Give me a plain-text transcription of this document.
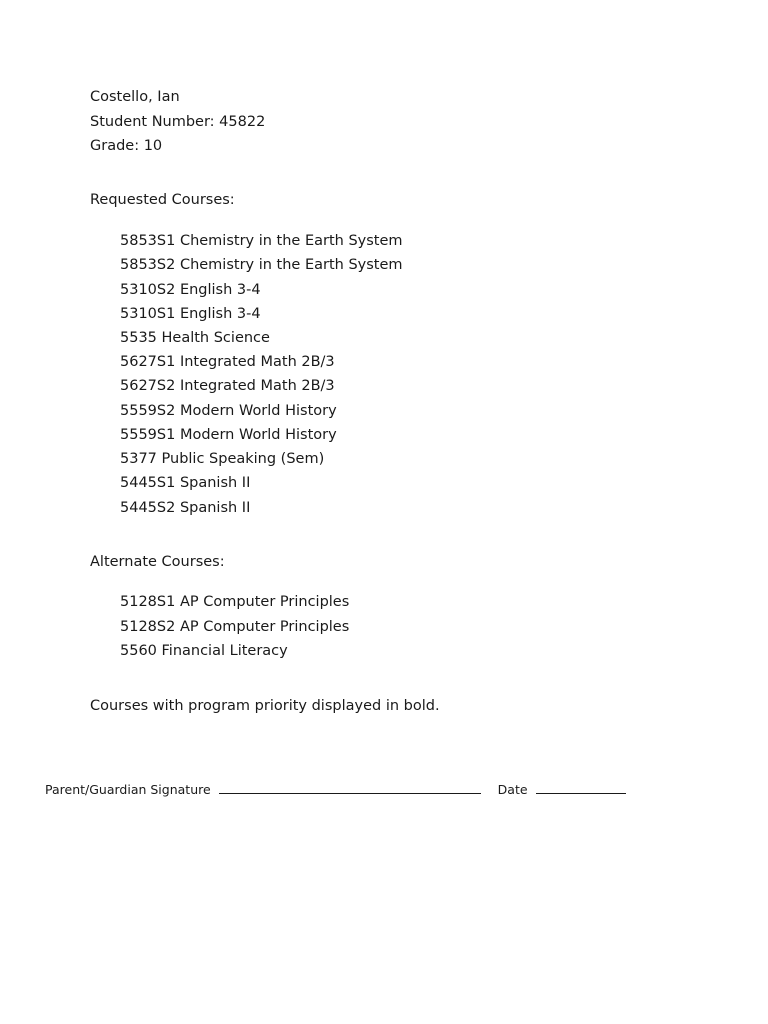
Costello, Ian
Student Number: 45822
Grade: 10
Requested Courses:
5853S1 Chemistry in the Earth System
5853S2 Chemistry in the Earth System
5310S2 English 3-4
5310S1 English 3-4
5535 Health Science
5627S1 Integrated Math 2B/3
5627S2 Integrated Math 2B/3
5559S2 Modern World History
5559S1 Modern World History
5377 Public Speaking (Sem)
5445S1 Spanish II
5445S2 Spanish II
Alternate Courses:
5128S1 AP Computer Principles
5128S2 AP Computer Principles
5560 Financial Literacy
Courses with program priority displayed in bold.
Parent/Guardian Signature	Date
